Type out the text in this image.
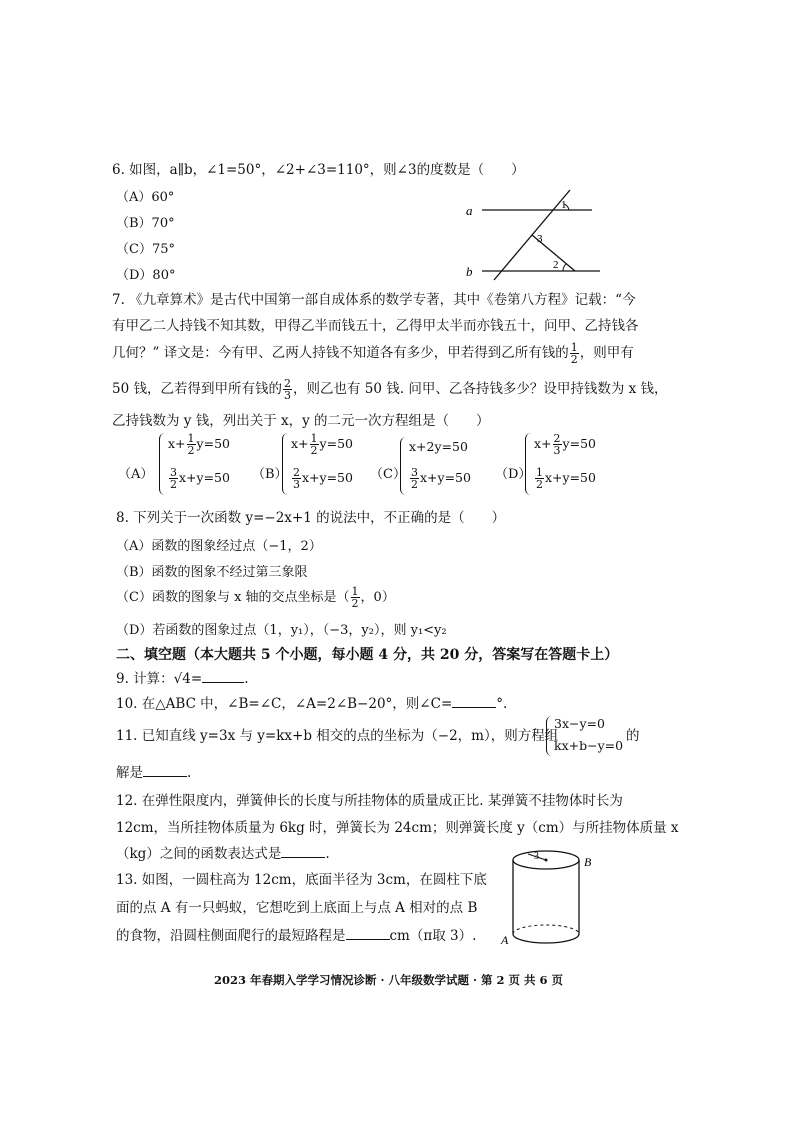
6. 如图，a∥b，∠1=50°，∠2+∠3=110°，则∠3的度数是（　　）
（A）60°
（B）70°
（C）75°
（D）80°
a
b
1
2
3
7. 《九章算术》是古代中国第一部自成体系的数学专著，其中《卷第八方程》记载：“今
有甲乙二人持钱不知其数，甲得乙半而钱五十，乙得甲太半而亦钱五十，问甲、乙持钱各
几何？” 译文是：今有甲、乙两人持钱不知道各有多少，甲若得到乙所有钱的 $\frac{1}{2}$ ，则甲有
50 钱，乙若得到甲所有钱的 $\frac{2}{3}$ ，则乙也有 50 钱. 问甲、乙各持钱多少？设甲持钱数为 x 钱，
乙持钱数为 y 钱，列出关于 x，y 的二元一次方程组是（　　）
（A）
$x+ \frac{1}{2} y=50$
$\frac{3}{2} x+y=50$ （B）
$x+ \frac{1}{2} y=50$
$\frac{2}{3} x+y=50$ （C）
x+2y=50
$\frac{3}{2} x+y=50$ （D）
$x+ \frac{2}{3} y=50$
$\frac{1}{2} x+y=50$
8. 下列关于一次函数 y=−2x+1 的说法中，不正确的是（　　）
（A）函数的图象经过点（−1，2）
（B）函数的图象不经过第三象限
（C）函数的图象与 x 轴的交点坐标是（ $\frac{1}{2}$ ，0）
（D）若函数的图象过点（1，y₁），（−3，y₂），则 y₁<y₂
二、填空题（本大题共 5 个小题，每小题 4 分，共 20 分，答案写在答题卡上）
9. 计算：√4=	.
10. 在△ABC 中，∠B=∠C，∠A=2∠B−20°，则∠C=	°.
11. 已知直线 y=3x 与 y=kx+b 相交的点的坐标为（−2，m），则方程组
3x−y=0
kx+b−y=0
的
解是	.
12. 在弹性限度内，弹簧伸长的长度与所挂物体的质量成正比. 某弹簧不挂物体时长为
12cm，当所挂物体质量为 6kg 时，弹簧长为 24cm；则弹簧长度 y（cm）与所挂物体质量 x
（kg）之间的函数表达式是	.
13. 如图，一圆柱高为 12cm，底面半径为 3cm，在圆柱下底
面的点 A 有一只蚂蚁，它想吃到上底面上与点 A 相对的点 B
的食物，沿圆柱侧面爬行的最短路程是	cm（π取 3）.
3	B
A
2023 年春期入学学习情况诊断 · 八年级数学试题 · 第 2 页 共 6 页
